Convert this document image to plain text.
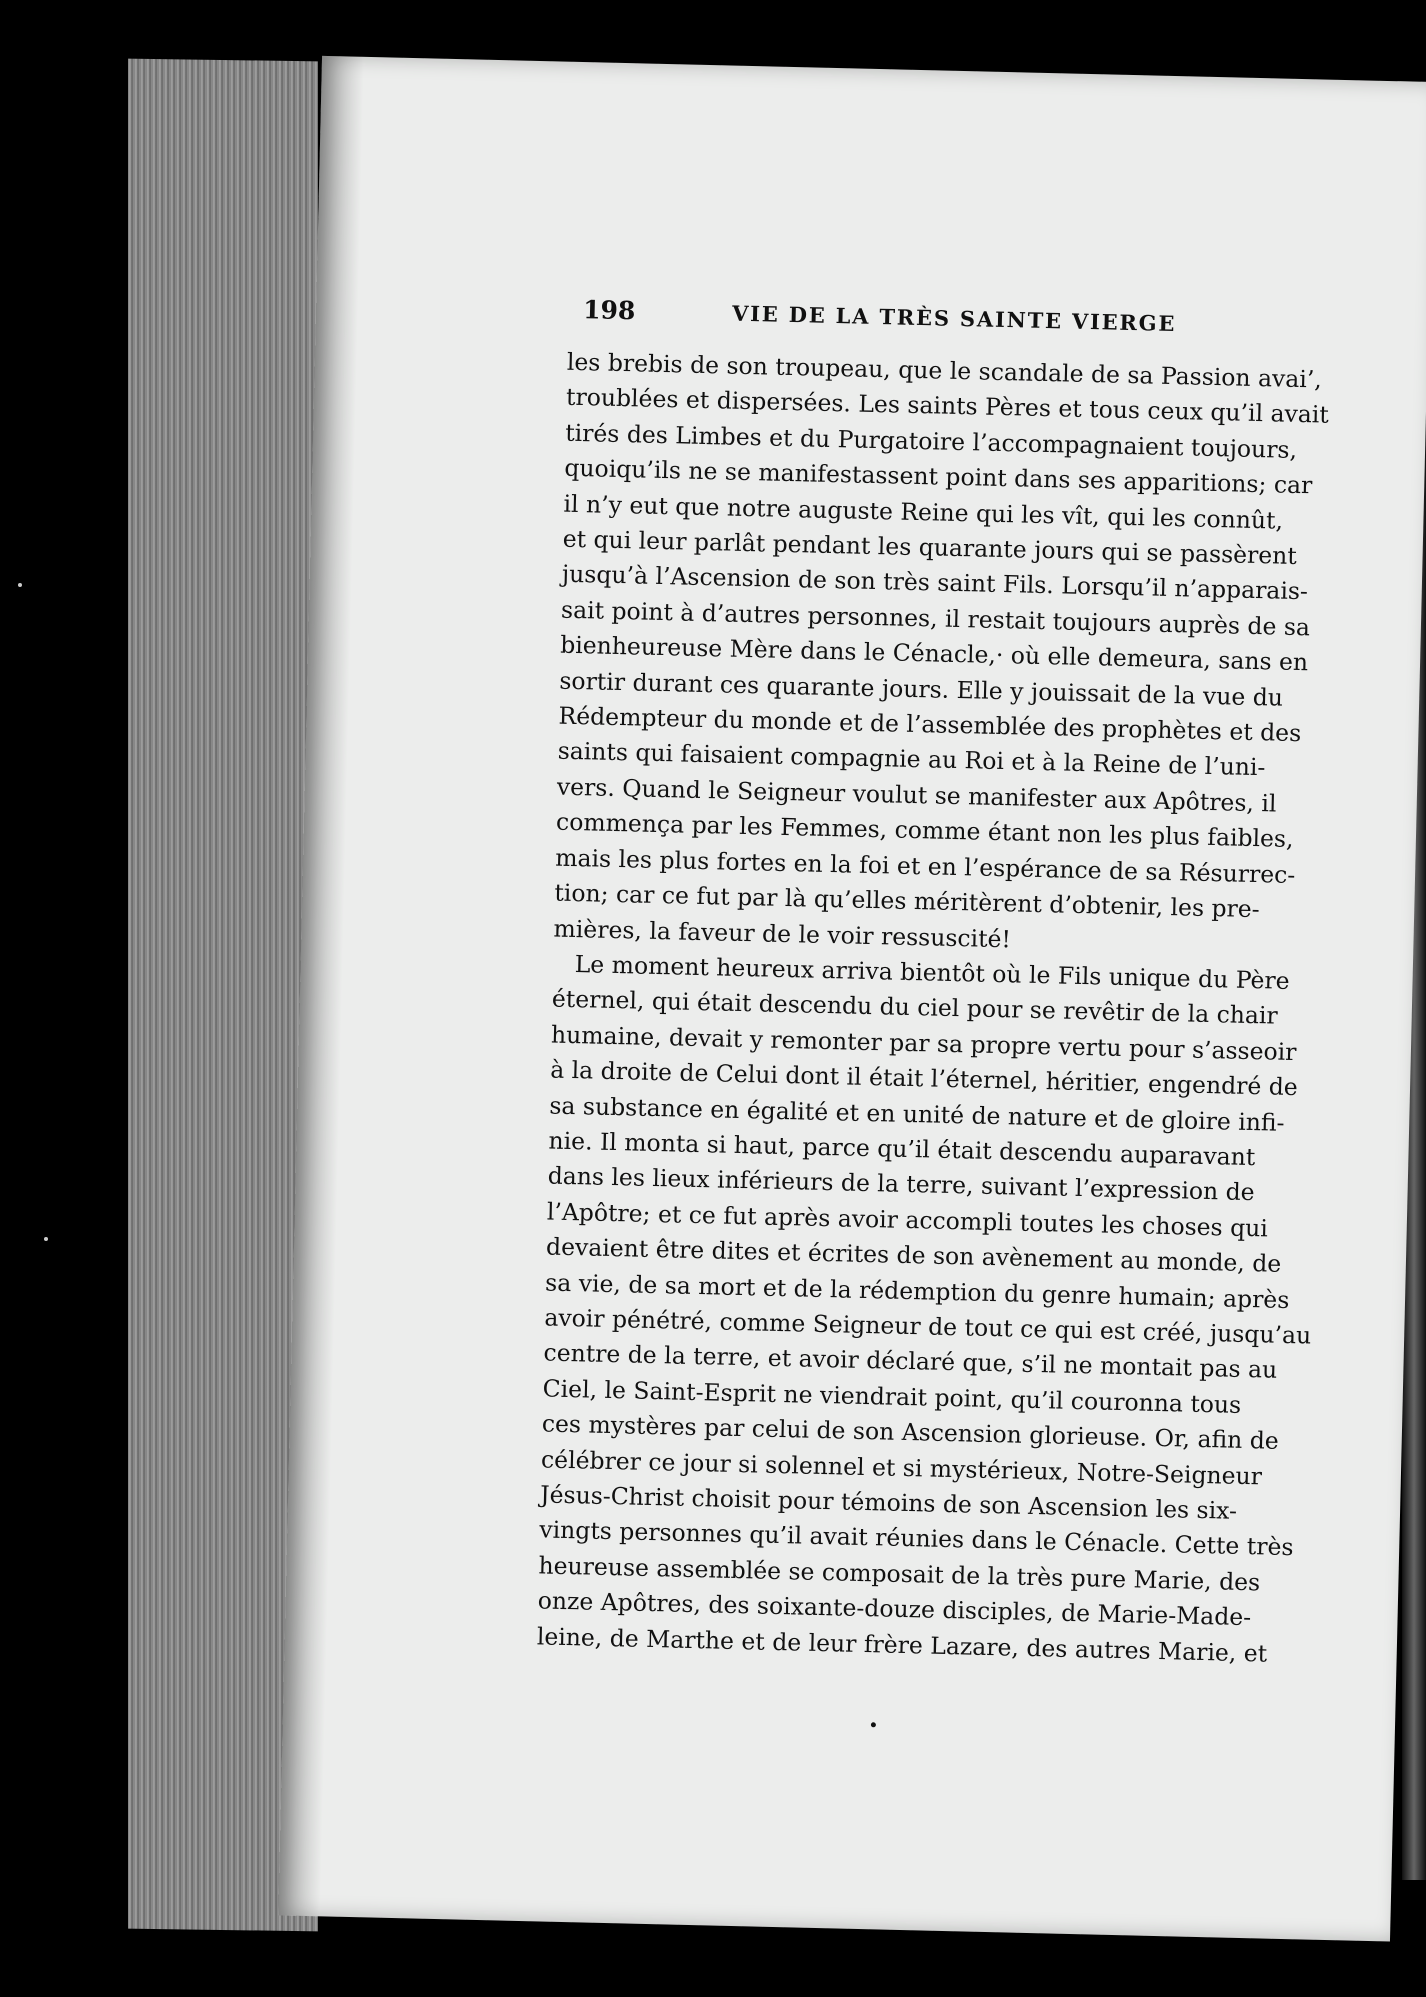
198	VIE DE LA TRÈS SAINTE VIERGE
les brebis de son troupeau, que le scandale de sa Passion avai’,
troublées et dispersées. Les saints Pères et tous ceux qu’il avait
tirés des Limbes et du Purgatoire l’accompagnaient toujours,
quoiqu’ils ne se manifestassent point dans ses apparitions; car
il n’y eut que notre auguste Reine qui les vît, qui les connût,
et qui leur parlât pendant les quarante jours qui se passèrent
jusqu’à l’Ascension de son très saint Fils. Lorsqu’il n’apparais-
sait point à d’autres personnes, il restait toujours auprès de sa
bienheureuse Mère dans le Cénacle,· où elle demeura, sans en
sortir durant ces quarante jours. Elle y jouissait de la vue du
Rédempteur du monde et de l’assemblée des prophètes et des
saints qui faisaient compagnie au Roi et à la Reine de l’uni-
vers. Quand le Seigneur voulut se manifester aux Apôtres, il
commença par les Femmes, comme étant non les plus faibles,
mais les plus fortes en la foi et en l’espérance de sa Résurrec-
tion; car ce fut par là qu’elles méritèrent d’obtenir, les pre-
mières, la faveur de le voir ressuscité!
Le moment heureux arriva bientôt où le Fils unique du Père
éternel, qui était descendu du ciel pour se revêtir de la chair
humaine, devait y remonter par sa propre vertu pour s’asseoir
à la droite de Celui dont il était l’éternel, héritier, engendré de
sa substance en égalité et en unité de nature et de gloire infi-
nie. Il monta si haut, parce qu’il était descendu auparavant
dans les lieux inférieurs de la terre, suivant l’expression de
l’Apôtre; et ce fut après avoir accompli toutes les choses qui
devaient être dites et écrites de son avènement au monde, de
sa vie, de sa mort et de la rédemption du genre humain; après
avoir pénétré, comme Seigneur de tout ce qui est créé, jusqu’au
centre de la terre, et avoir déclaré que, s’il ne montait pas au
Ciel, le Saint-Esprit ne viendrait point, qu’il couronna tous
ces mystères par celui de son Ascension glorieuse. Or, afin de
célébrer ce jour si solennel et si mystérieux, Notre-Seigneur
Jésus-Christ choisit pour témoins de son Ascension les six-
vingts personnes qu’il avait réunies dans le Cénacle. Cette très
heureuse assemblée se composait de la très pure Marie, des
onze Apôtres, des soixante-douze disciples, de Marie-Made-
leine, de Marthe et de leur frère Lazare, des autres Marie, et
